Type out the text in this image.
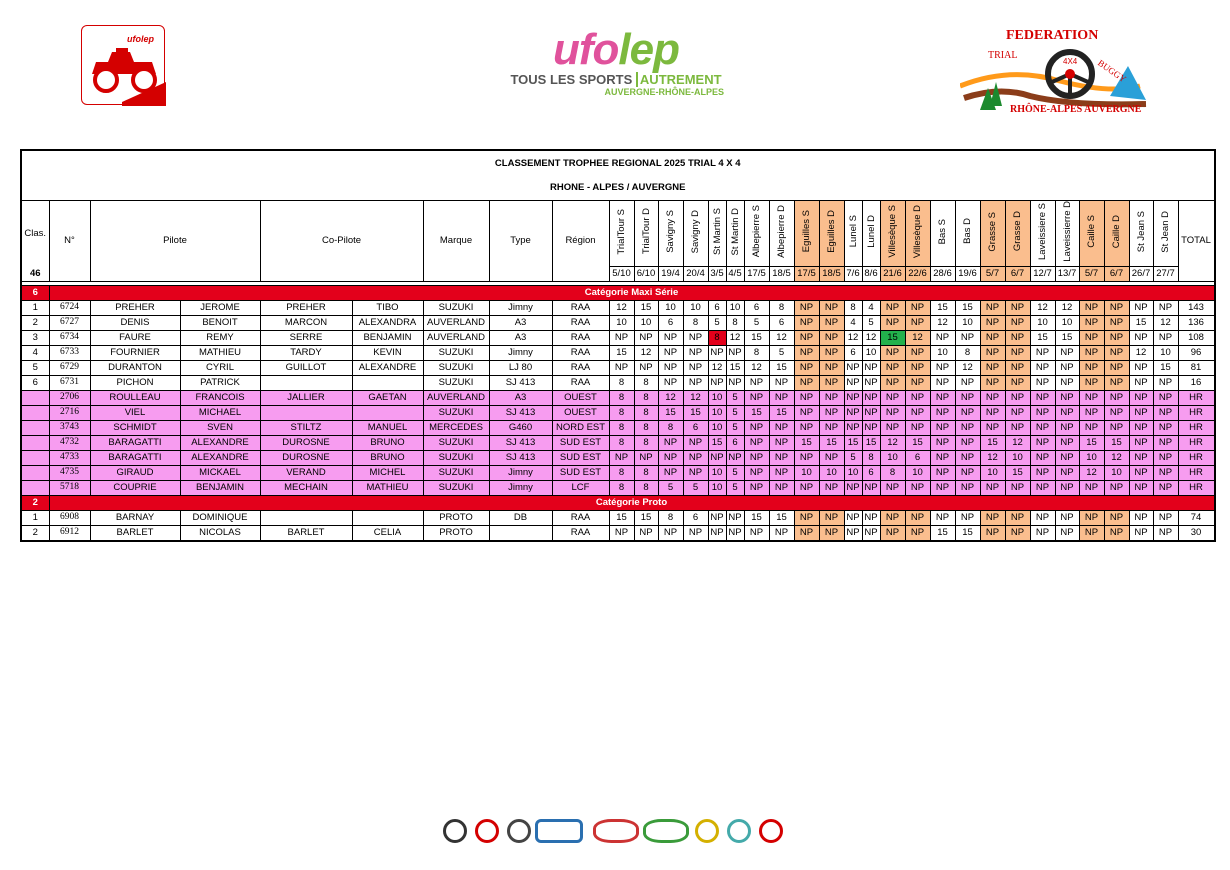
ufolep	ufolep
TOUS LES SPORTS AUTREMENT
AUVERGNE-RHÔNE-ALPES
4X4
FEDERATION
TRIAL
BUGGY
RHÔNE-ALPES AUVERGNE
CLASSEMENT TROPHEE REGIONAL 2025 TRIAL 4 X 4																																	
RHONE - ALPES / AUVERGNE																																	
Clas.	N°	Pilote		Co-Pilote		Marque	Type	Région	TrialTour S	TrialTour D	Savigny S	Savigny D	St Martin S	St Martin D	Albepierre S	Albepierre D	Eguilles S	Eguilles D	Lunel S	Lunel D	Villesèque S	Villesèque D	Bas S	Bas D	Grasse S	Grasse D	Laveissiere S	Laveissierre D	Caille S	Caille D	St Jean S	St Jean D	TOTAL
46									5/10	6/10	19/4	20/4	3/5	4/5	17/5	18/5	17/5	18/5	7/6	8/6	21/6	22/6	28/6	19/6	5/7	6/7	12/7	13/7	5/7	6/7	26/7	27/7	

6	Catégorie Maxi Série																																
1	6724	PREHER	JEROME	PREHER	TIBO	SUZUKI	Jimny	RAA	12	15	10	10	6	10	6	8	NP	NP	8	4	NP	NP	15	15	NP	NP	12	12	NP	NP	NP	NP	143
2	6727	DENIS	BENOIT	MARCON	ALEXANDRA	AUVERLAND	A3	RAA	10	10	6	8	5	8	5	6	NP	NP	4	5	NP	NP	12	10	NP	NP	10	10	NP	NP	15	12	136
3	6734	FAURE	REMY	SERRE	BENJAMIN	AUVERLAND	A3	RAA	NP	NP	NP	NP	8	12	15	12	NP	NP	12	12	15	12	NP	NP	NP	NP	15	15	NP	NP	NP	NP	108
4	6733	FOURNIER	MATHIEU	TARDY	KEVIN	SUZUKI	Jimny	RAA	15	12	NP	NP	NP	NP	8	5	NP	NP	6	10	NP	NP	10	8	NP	NP	NP	NP	NP	NP	12	10	96
5	6729	DURANTON	CYRIL	GUILLOT	ALEXANDRE	SUZUKI	LJ 80	RAA	NP	NP	NP	NP	12	15	12	15	NP	NP	NP	NP	NP	NP	NP	12	NP	NP	NP	NP	NP	NP	NP	15	81
6	6731	PICHON	PATRICK			SUZUKI	SJ 413	RAA	8	8	NP	NP	NP	NP	NP	NP	NP	NP	NP	NP	NP	NP	NP	NP	NP	NP	NP	NP	NP	NP	NP	NP	16
	2706	ROULLEAU	FRANCOIS	JALLIER	GAETAN	AUVERLAND	A3	OUEST	8	8	12	12	10	5	NP	NP	NP	NP	NP	NP	NP	NP	NP	NP	NP	NP	NP	NP	NP	NP	NP	NP	HR
	2716	VIEL	MICHAEL			SUZUKI	SJ 413	OUEST	8	8	15	15	10	5	15	15	NP	NP	NP	NP	NP	NP	NP	NP	NP	NP	NP	NP	NP	NP	NP	NP	HR
	3743	SCHMIDT	SVEN	STILTZ	MANUEL	MERCEDES	G460	NORD EST	8	8	8	6	10	5	NP	NP	NP	NP	NP	NP	NP	NP	NP	NP	NP	NP	NP	NP	NP	NP	NP	NP	HR
	4732	BARAGATTI	ALEXANDRE	DUROSNE	BRUNO	SUZUKI	SJ 413	SUD EST	8	8	NP	NP	15	6	NP	NP	15	15	15	15	12	15	NP	NP	15	12	NP	NP	15	15	NP	NP	HR
	4733	BARAGATTI	ALEXANDRE	DUROSNE	BRUNO	SUZUKI	SJ 413	SUD EST	NP	NP	NP	NP	NP	NP	NP	NP	NP	NP	5	8	10	6	NP	NP	12	10	NP	NP	10	12	NP	NP	HR
	4735	GIRAUD	MICKAEL	VERAND	MICHEL	SUZUKI	Jimny	SUD EST	8	8	NP	NP	10	5	NP	NP	10	10	10	6	8	10	NP	NP	10	15	NP	NP	12	10	NP	NP	HR
	5718	COUPRIE	BENJAMIN	MECHAIN	MATHIEU	SUZUKI	Jimny	LCF	8	8	5	5	10	5	NP	NP	NP	NP	NP	NP	NP	NP	NP	NP	NP	NP	NP	NP	NP	NP	NP	NP	HR
2	Catégorie Proto																																
1	6908	BARNAY	DOMINIQUE			PROTO	DB	RAA	15	15	8	6	NP	NP	15	15	NP	NP	NP	NP	NP	NP	NP	NP	NP	NP	NP	NP	NP	NP	NP	NP	74
2	6912	BARLET	NICOLAS	BARLET	CELIA	PROTO		RAA	NP	NP	NP	NP	NP	NP	NP	NP	NP	NP	NP	NP	NP	NP	15	15	NP	NP	NP	NP	NP	NP	NP	NP	30
